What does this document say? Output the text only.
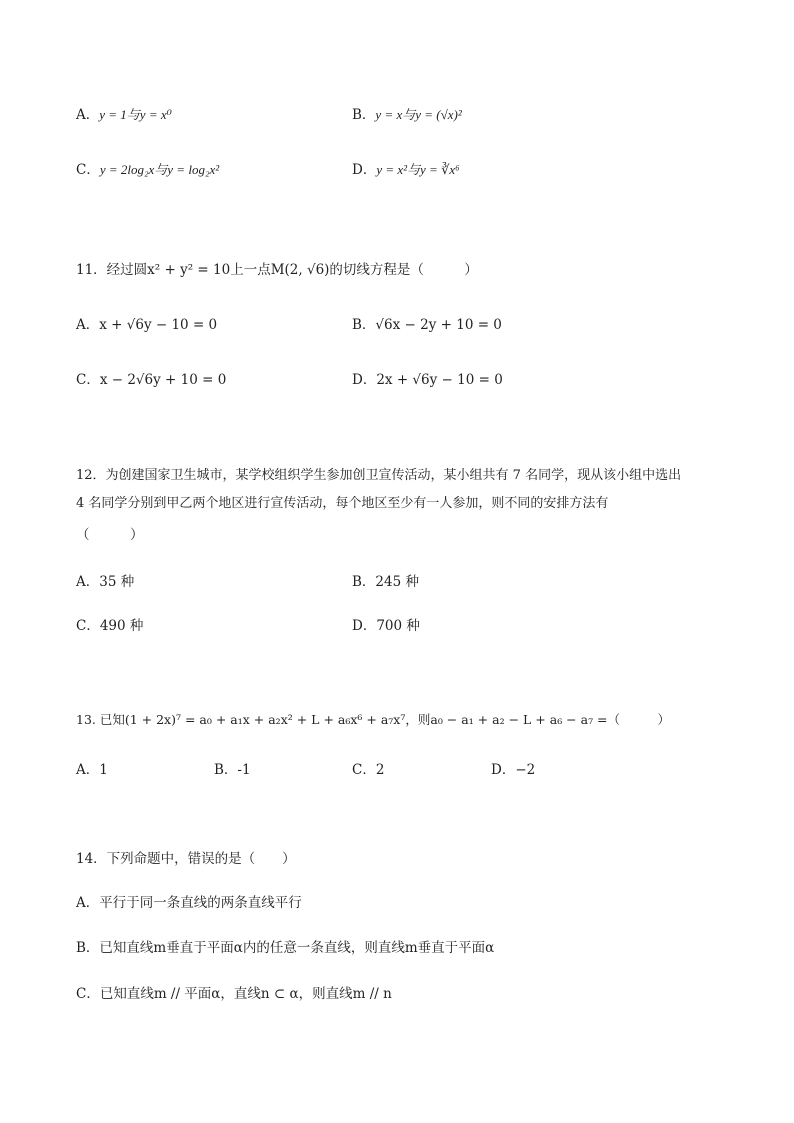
A．y = 1与y = x⁰	B．y = x与y = (√x)²
C．y = 2log₂x与y = log₂x²	D．y = x²与y = ∛x⁶
11．经过圆x² + y² = 10上一点M(2, √6)的切线方程是（　　　）
A．x + √6y − 10 = 0	B．√6x − 2y + 10 = 0
C．x − 2√6y + 10 = 0	D．2x + √6y − 10 = 0
12．为创建国家卫生城市，某学校组织学生参加创卫宣传活动，某小组共有 7 名同学，现从该小组中选出
4 名同学分别到甲乙两个地区进行宣传活动，每个地区至少有一人参加，则不同的安排方法有
（　　　）
A．35 种	B．245 种
C．490 种	D．700 种
13. 已知(1 + 2x)⁷ = a₀ + a₁x + a₂x² + L + a₆x⁶ + a₇x⁷，则a₀ − a₁ + a₂ − L + a₆ − a₇ =（　　　）
A．1	B．-1	C．2	D．−2
14．下列命题中，错误的是（　　）
A．平行于同一条直线的两条直线平行
B．已知直线m垂直于平面α内的任意一条直线，则直线m垂直于平面α
C．已知直线m // 平面α，直线n ⊂ α，则直线m // n
